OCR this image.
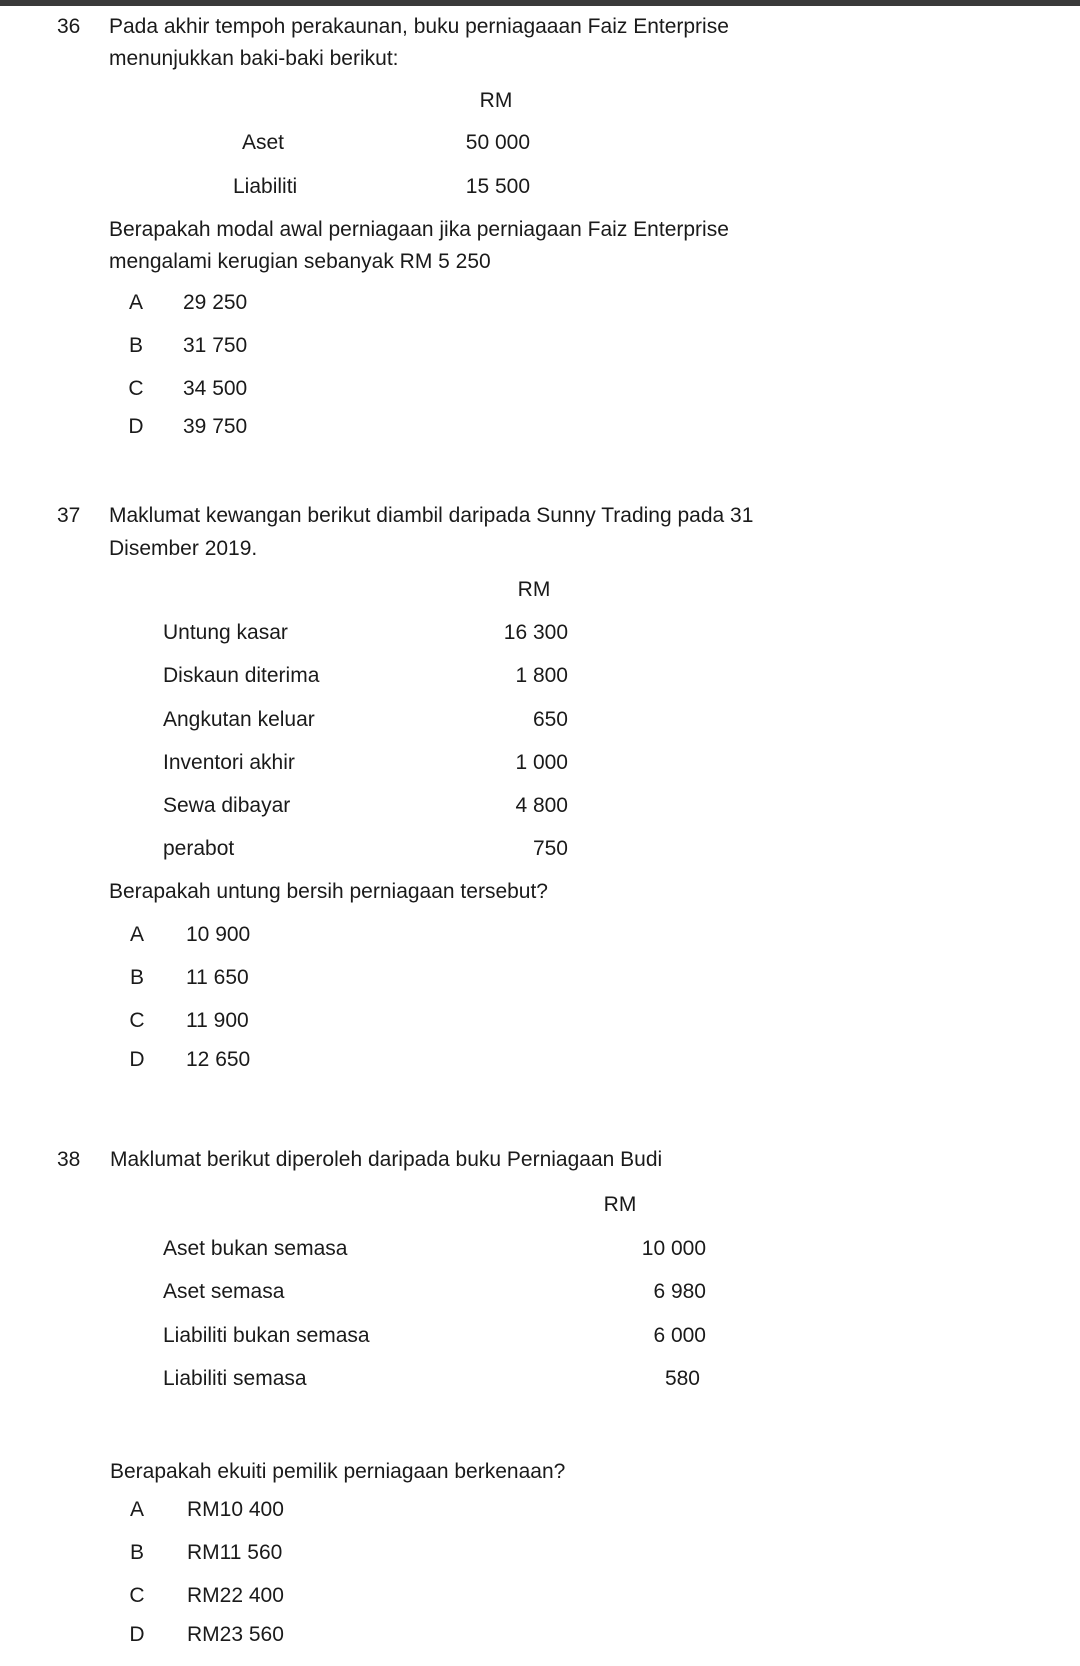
36 Pada akhir tempoh perakaunan, buku perniagaaan Faiz Enterprise
menunjukkan baki-baki berikut:
RM
Aset	50 000
Liabiliti	15 500
Berapakah modal awal perniagaan jika perniagaan Faiz Enterprise
mengalami kerugian sebanyak RM 5 250
A 29 250
B 31 750
C 34 500
D 39 750
37 Maklumat kewangan berikut diambil daripada Sunny Trading pada 31
Disember 2019.
RM
Untung kasar	16 300
Diskaun diterima	1 800
Angkutan keluar	650
Inventori akhir	1 000
Sewa dibayar	4 800
perabot	750
Berapakah untung bersih perniagaan tersebut?
A 10 900
B 11 650
C 11 900
D 12 650
38 Maklumat berikut diperoleh daripada buku Perniagaan Budi
RM
Aset bukan semasa	10 000
Aset semasa	6 980
Liabiliti bukan semasa	6 000
Liabiliti semasa	580
Berapakah ekuiti pemilik perniagaan berkenaan?
A RM10 400
B RM11 560
C RM22 400
D RM23 560
